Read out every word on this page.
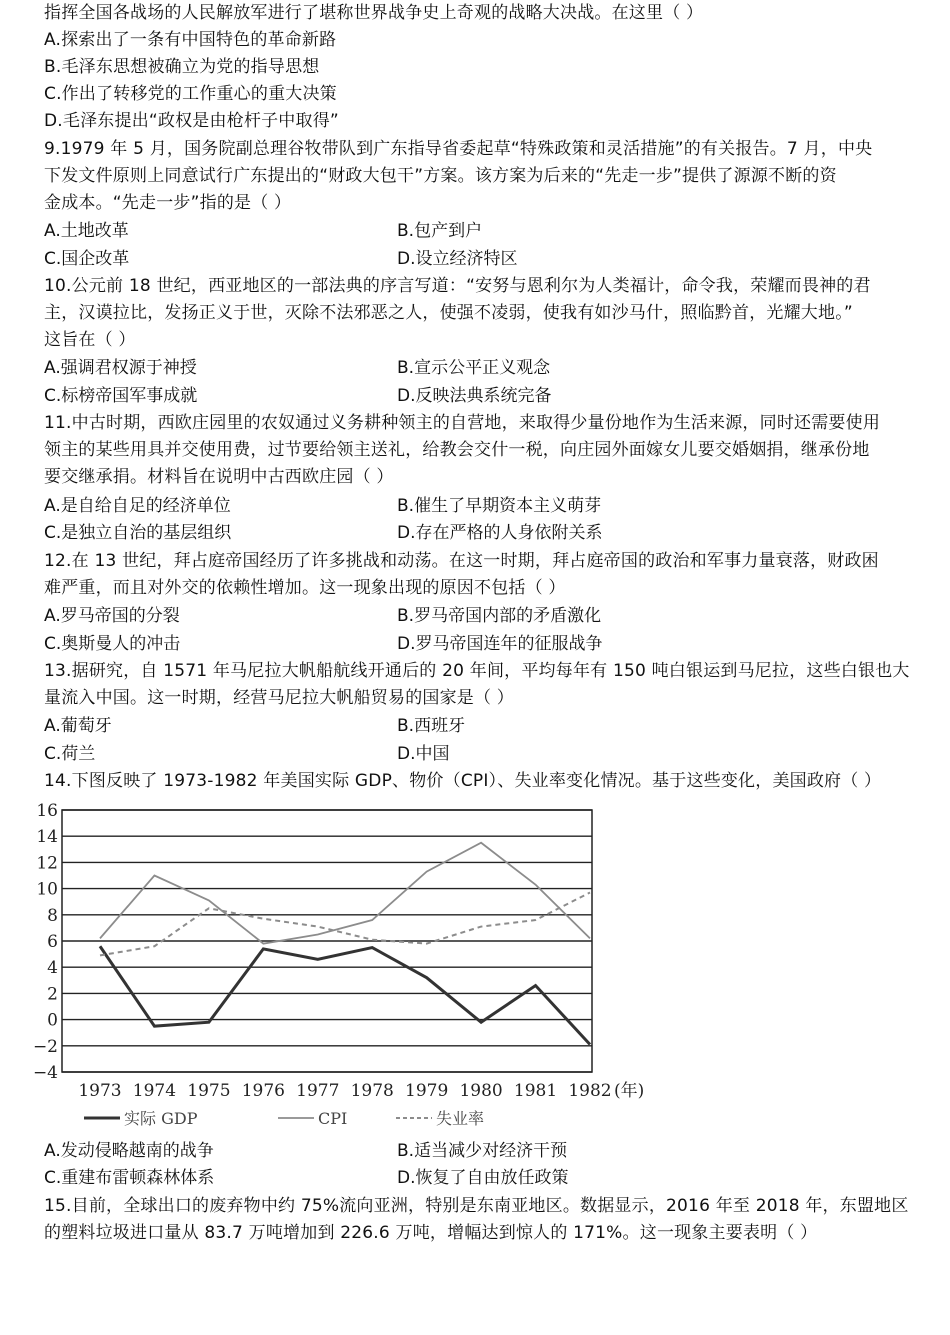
指挥全国各战场的人民解放军进行了堪称世界战争史上奇观的战略大决战。在这里（ ）
A.探索出了一条有中国特色的革命新路
B.毛泽东思想被确立为党的指导思想
C.作出了转移党的工作重心的重大决策
D.毛泽东提出“政权是由枪杆子中取得”
9.1979 年 5 月，国务院副总理谷牧带队到广东指导省委起草“特殊政策和灵活措施”的有关报告。7 月，中央
下发文件原则上同意试行广东提出的“财政大包干”方案。该方案为后来的“先走一步”提供了源源不断的资
金成本。“先走一步”指的是（ ）
A.土地改革	B.包产到户
C.国企改革	D.设立经济特区
10.公元前 18 世纪，西亚地区的一部法典的序言写道：“安努与恩利尔为人类福计，命令我，荣耀而畏神的君
主，汉谟拉比，发扬正义于世，灭除不法邪恶之人，使强不凌弱，使我有如沙马什，照临黔首，光耀大地。”
这旨在（ ）
A.强调君权源于神授	B.宣示公平正义观念
C.标榜帝国军事成就	D.反映法典系统完备
11.中古时期，西欧庄园里的农奴通过义务耕种领主的自营地，来取得少量份地作为生活来源，同时还需要使用
领主的某些用具并交使用费，过节要给领主送礼，给教会交什一税，向庄园外面嫁女儿要交婚姻捐，继承份地
要交继承捐。材料旨在说明中古西欧庄园（ ）
A.是自给自足的经济单位	B.催生了早期资本主义萌芽
C.是独立自治的基层组织	D.存在严格的人身依附关系
12.在 13 世纪，拜占庭帝国经历了许多挑战和动荡。在这一时期，拜占庭帝国的政治和军事力量衰落，财政困
难严重，而且对外交的依赖性增加。这一现象出现的原因不包括（ ）
A.罗马帝国的分裂	B.罗马帝国内部的矛盾激化
C.奥斯曼人的冲击	D.罗马帝国连年的征服战争
13.据研究，自 1571 年马尼拉大帆船航线开通后的 20 年间，平均每年有 150 吨白银运到马尼拉，这些白银也大
量流入中国。这一时期，经营马尼拉大帆船贸易的国家是（ ）
A.葡萄牙	B.西班牙
C.荷兰	D.中国
14.下图反映了 1973-1982 年美国实际 GDP、物价（CPI）、失业率变化情况。基于这些变化，美国政府（ ）
16
14
12
10
8
6
4
2
0
−2
−4
1973 1974 1975 1976 1977 1978 1979 1980 1981 1982 (年)
实际 GDP	CPI	失业率
A.发动侵略越南的战争	B.适当减少对经济干预
C.重建布雷顿森林体系	D.恢复了自由放任政策
15.目前，全球出口的废弃物中约 75%流向亚洲，特别是东南亚地区。数据显示，2016 年至 2018 年，东盟地区
的塑料垃圾进口量从 83.7 万吨增加到 226.6 万吨，增幅达到惊人的 171%。这一现象主要表明（ ）
